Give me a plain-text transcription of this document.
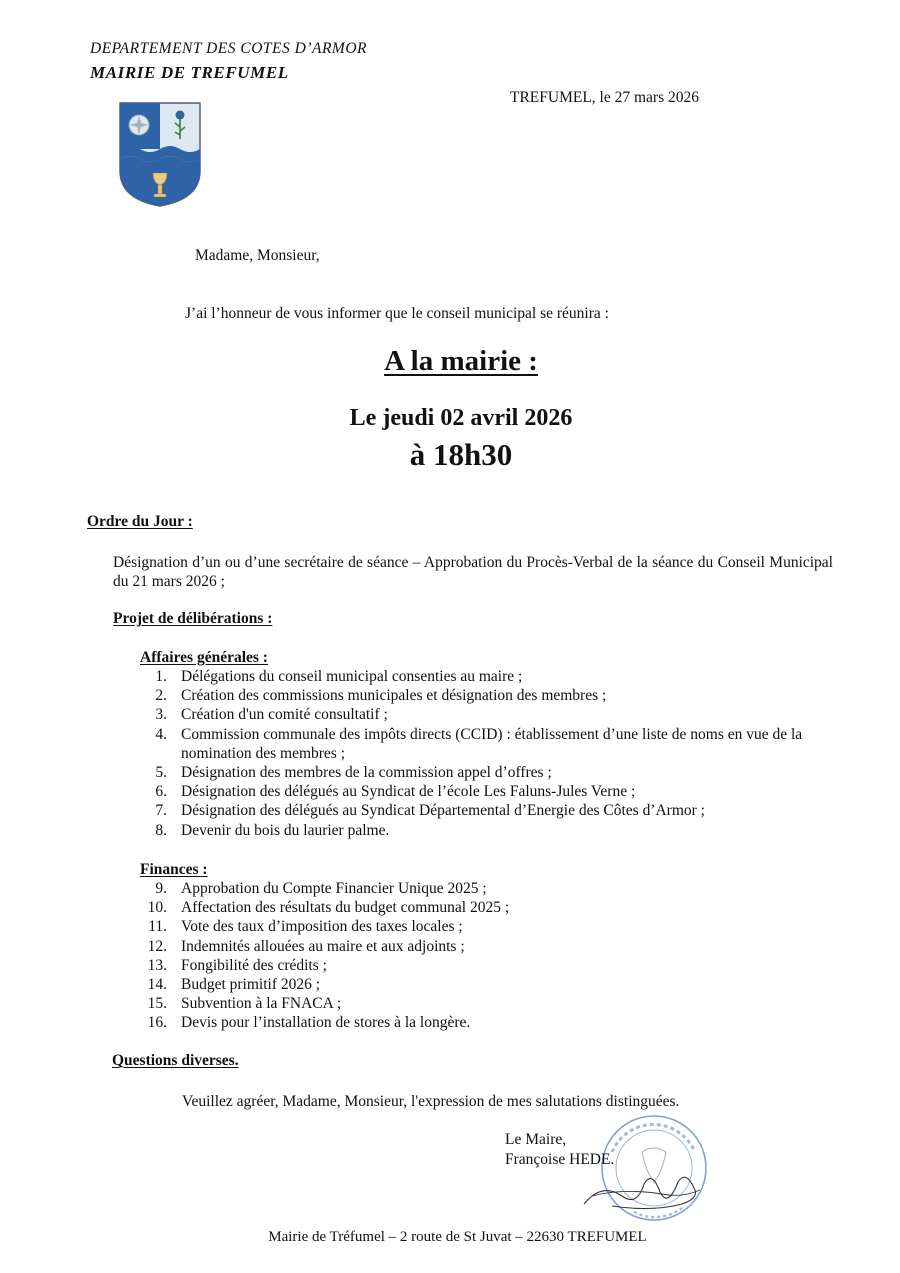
DEPARTEMENT DES COTES D’ARMOR
MAIRIE DE TREFUMEL
TREFUMEL, le 27 mars 2026
Madame, Monsieur,
J’ai l’honneur de vous informer que le conseil municipal se réunira :
A la mairie :
Le jeudi 02 avril 2026
à 18h30
Ordre du Jour :
Désignation d’un ou d’une secrétaire de séance – Approbation du Procès-Verbal de la séance du Conseil Municipal du 21 mars 2026 ;
Projet de délibérations :
Affaires générales :
1. Délégations du conseil municipal consenties au maire ;
2. Création des commissions municipales et désignation des membres ;
3. Création d'un comité consultatif ;
4. Commission communale des impôts directs (CCID) : établissement d’une liste de noms en vue de la nomination des membres ;
5. Désignation des membres de la commission appel d’offres ;
6. Désignation des délégués au Syndicat de l’école Les Faluns-Jules Verne ;
7. Désignation des délégués au Syndicat Départemental d’Energie des Côtes d’Armor ;
8. Devenir du bois du laurier palme.
Finances :
9. Approbation du Compte Financier Unique 2025 ;
10. Affectation des résultats du budget communal 2025 ;
11. Vote des taux d’imposition des taxes locales ;
12. Indemnités allouées au maire et aux adjoints ;
13. Fongibilité des crédits ;
14. Budget primitif 2026 ;
15. Subvention à la FNACA ;
16. Devis pour l’installation de stores à la longère.
Questions diverses.
Veuillez agréer, Madame, Monsieur, l'expression de mes salutations distinguées.
Le Maire,
Françoise HEDE.
Mairie de Tréfumel – 2 route de St Juvat – 22630 TREFUMEL
